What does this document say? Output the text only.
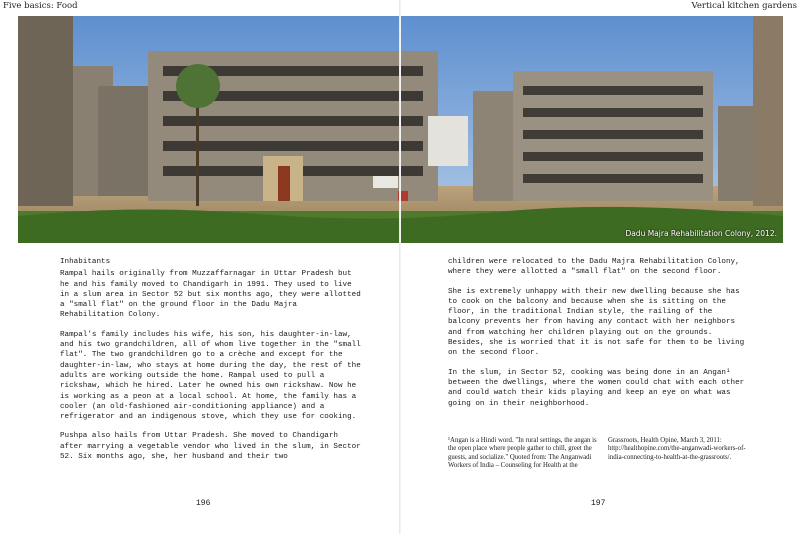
Five basics: Food	Vertical kitchen gardens
Dadu Majra Rehabilitation Colony, 2012.
Inhabitants

Rampal hails originally from Muzzaffarnagar in Uttar Pradesh but he and his family moved to Chandigarh in 1991. They used to live in a slum area in Sector 52 but six months ago, they were allotted a "small flat" on the ground floor in the Dadu Majra Rehabilitation Colony.

Rampal’s family includes his wife, his son, his daughter-in-law, and his two grandchildren, all of whom live together in the "small flat". The two grandchildren go to a crèche and except for the daughter-in-law, who stays at home during the day, the rest of the adults are working outside the home. Rampal used to pull a rickshaw, which he hired. Later he owned his own rickshaw. Now he is working as a peon at a local school. At home, the family has a cooler (an old-fashioned air-conditioning appliance) and a refrigerator and an indigenous stove, which they use for cooking.

Pushpa also hails from Uttar Pradesh. She moved to Chandigarh after marrying a vegetable vendor who lived in the slum, in Sector 52. Six months ago, she, her husband and their two

children were relocated to the Dadu Majra Rehabilitation Colony, where they were allotted a "small flat" on the second floor.

She is extremely unhappy with their new dwelling because she has to cook on the balcony and because when she is sitting on the floor, in the traditional Indian style, the railing of the balcony prevents her from having any contact with her neighbors and from watching her children playing out on the grounds. Besides, she is worried that it is not safe for them to be living on the second floor.

In the slum, in Sector 52, cooking was being done in an Angan¹ between the dwellings, where the women could chat with each other and could watch their kids playing and keep an eye on what was going on in their neighborhood.

¹Angan is a Hindi word. "In rural settings, the angan is the open place where people gather to chill, greet the guests, and socialize." Quoted from: The Anganwadi Workers of India – Counseling for Health at the
Grassroots, Health Opine, March 3, 2011: http://healthopine.com/the-anganwadi-workers-of-india-connecting-to-health-at-the-grassroots/.
196	197
